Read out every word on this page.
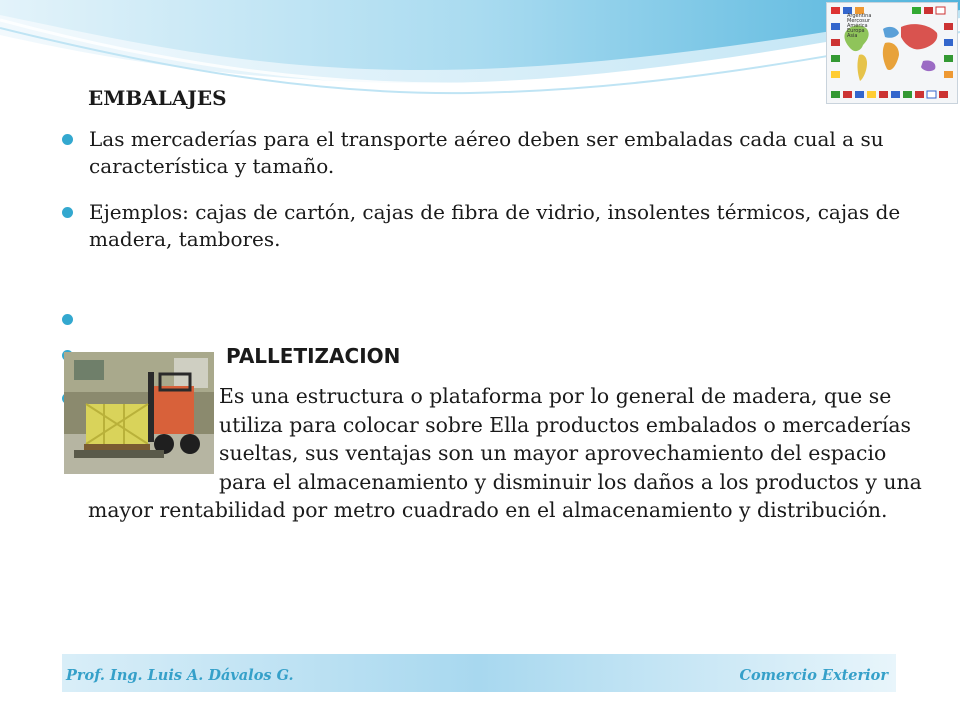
Argentina
Mercosur
América
Europa
Asia
EMBALAJES
Las mercaderías para el transporte aéreo deben ser embaladas cada cual a su característica y tamaño.
Ejemplos: cajas de cartón, cajas de fibra de vidrio, insolentes térmicos, cajas de madera, tambores.
PALLETIZACION
Es una estructura o plataforma por lo general de madera, que se utiliza para colocar sobre Ella productos embalados o mercaderías sueltas, sus ventajas son un mayor aprovechamiento del espacio para el almacenamiento y disminuir los daños a los productos y una mayor rentabilidad por metro cuadrado en el almacenamiento y distribución.
Prof. Ing. Luis A. Dávalos G.	Comercio Exterior
